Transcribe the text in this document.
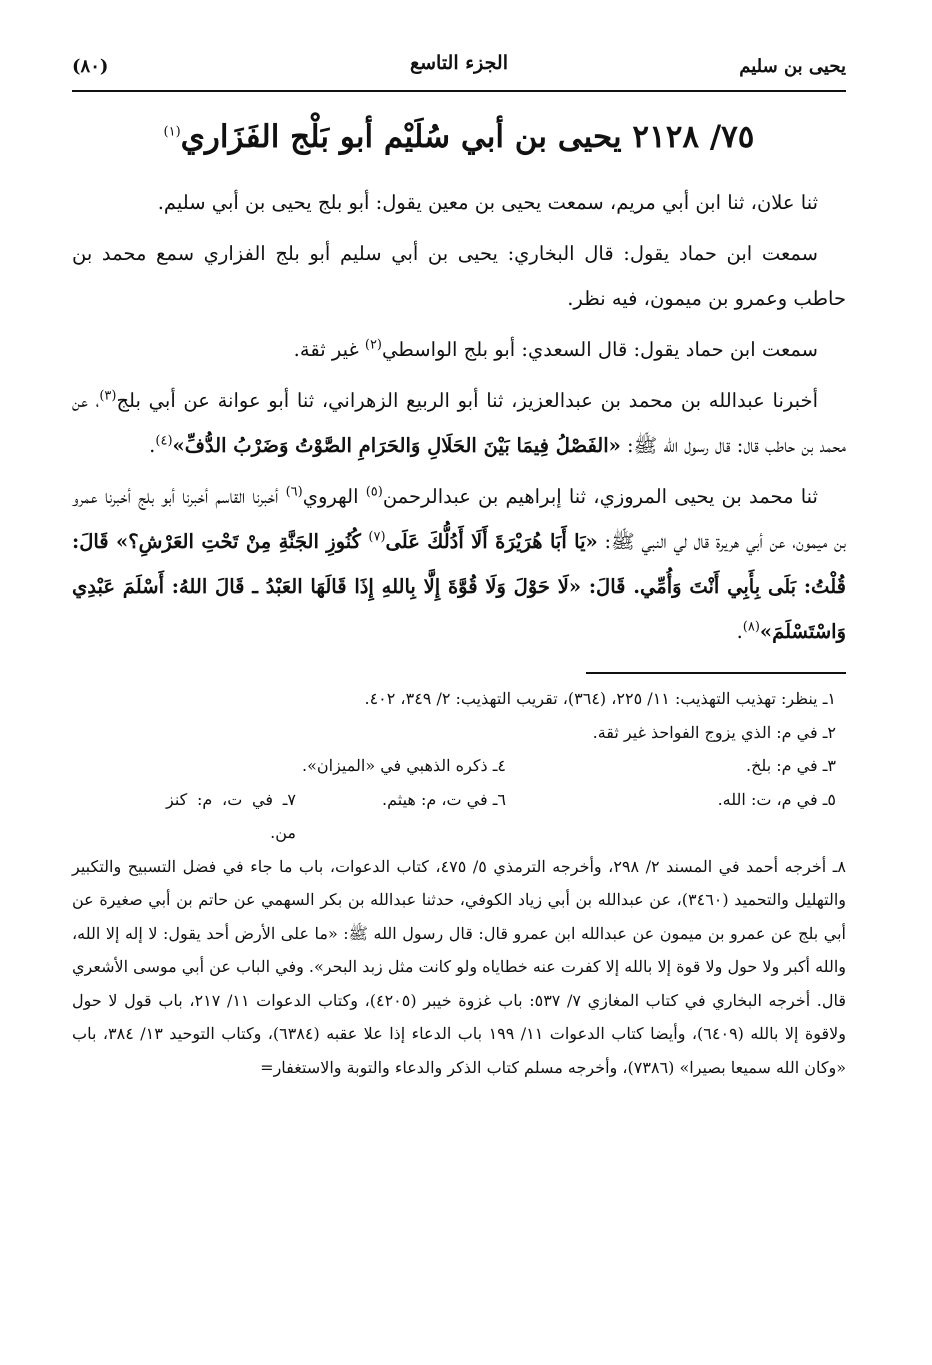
يحيى بن سليم
الجزء التاسع
(٨٠)
٧٥/ ٢١٢٨ يحيى بن أبي سُلَيْم أبو بَلْج الفَزَاري$^{(١)}$

ثنا علان، ثنا ابن أبي مريم، سمعت يحيى بن معين يقول: أبو بلج يحيى بن أبي سليم.

سمعت ابن حماد يقول: قال البخاري: يحيى بن أبي سليم أبو بلج الفزاري سمع محمد بن حاطب وعمرو بن ميمون، فيه نظر.

سمعت ابن حماد يقول: قال السعدي: أبو بلج الواسطي$^{(٢)}$ غير ثقة.

أخبرنا عبدالله بن محمد بن عبدالعزيز، ثنا أبو الربيع الزهراني، ثنا أبو عوانة عن أبي بلج$^{(٣)}$، عن محمد بن حاطب قال: قال رسول الله ﷺ: «الفَصْلُ فِيمَا بَيْنَ الحَلَالِ وَالحَرَامِ الصَّوْتُ وَضَرْبُ الدُّفِّ»$^{(٤)}$.

ثنا محمد بن يحيى المروزي، ثنا إبراهيم بن عبدالرحمن$^{(٥)}$ الهروي$^{(٦)}$ أخبرنا القاسم أخبرنا أبو بلج أخبرنا عمرو بن ميمون، عن أبي هريرة قال لي النبي ﷺ: «يَا أَبَا هُرَيْرَةَ أَلَا أَدُلُّكَ عَلَى$^{(٧)}$ كُنُوزِ الجَنَّةِ مِنْ تَحْتِ العَرْشِ؟» قَالَ: قُلْتُ: بَلَى بِأَبِي أَنْتَ وَأُمِّي. قَالَ: «لَا حَوْلَ وَلَا قُوَّةَ إِلَّا بِاللهِ إِذَا قَالَهَا العَبْدُ ـ قَالَ اللهُ: أَسْلَمَ عَبْدِي وَاسْتَسْلَمَ»$^{(٨)}$.

١ـ ينظر: تهذيب التهذيب: ١١/ ٢٢٥، (٣٦٤)، تقريب التهذيب: ٢/ ٣٤٩، ٤٠٢.

٢ـ في م: الذي يزوج الفواحذ غير ثقة.

٣ـ في م: بلخ.
٤ـ ذكره الذهبي في «الميزان».
٥ـ في م، ت: الله.
٦ـ في ت، م: هيثم.
٧ـ في ت، م: كنز من.

٨ـ أخرجه أحمد في المسند ٢/ ٢٩٨، وأخرجه الترمذي ٥/ ٤٧٥، كتاب الدعوات، باب ما جاء في فضل التسبيح والتكبير والتهليل والتحميد (٣٤٦٠)، عن عبدالله بن أبي زياد الكوفي، حدثنا عبدالله بن بكر السهمي عن حاتم بن أبي صغيرة عن أبي بلج عن عمرو بن ميمون عن عبدالله ابن عمرو قال: قال رسول الله ﷺ: «ما على الأرض أحد يقول: لا إله إلا الله، والله أكبر ولا حول ولا قوة إلا بالله إلا كفرت عنه خطاياه ولو كانت مثل زبد البحر». وفي الباب عن أبي موسى الأشعري قال. أخرجه البخاري في كتاب المغازي ٧/ ٥٣٧: باب غزوة خيبر (٤٢٠٥)، وكتاب الدعوات ١١/ ٢١٧، باب قول لا حول ولاقوة إلا بالله (٦٤٠٩)، وأيضا كتاب الدعوات ١١/ ١٩٩ باب الدعاء إذا علا عقبه (٦٣٨٤)، وكتاب التوحيد ١٣/ ٣٨٤، باب «وكان الله سميعا بصيرا» (٧٣٨٦)، وأخرجه مسلم كتاب الذكر والدعاء والتوبة والاستغفار=
